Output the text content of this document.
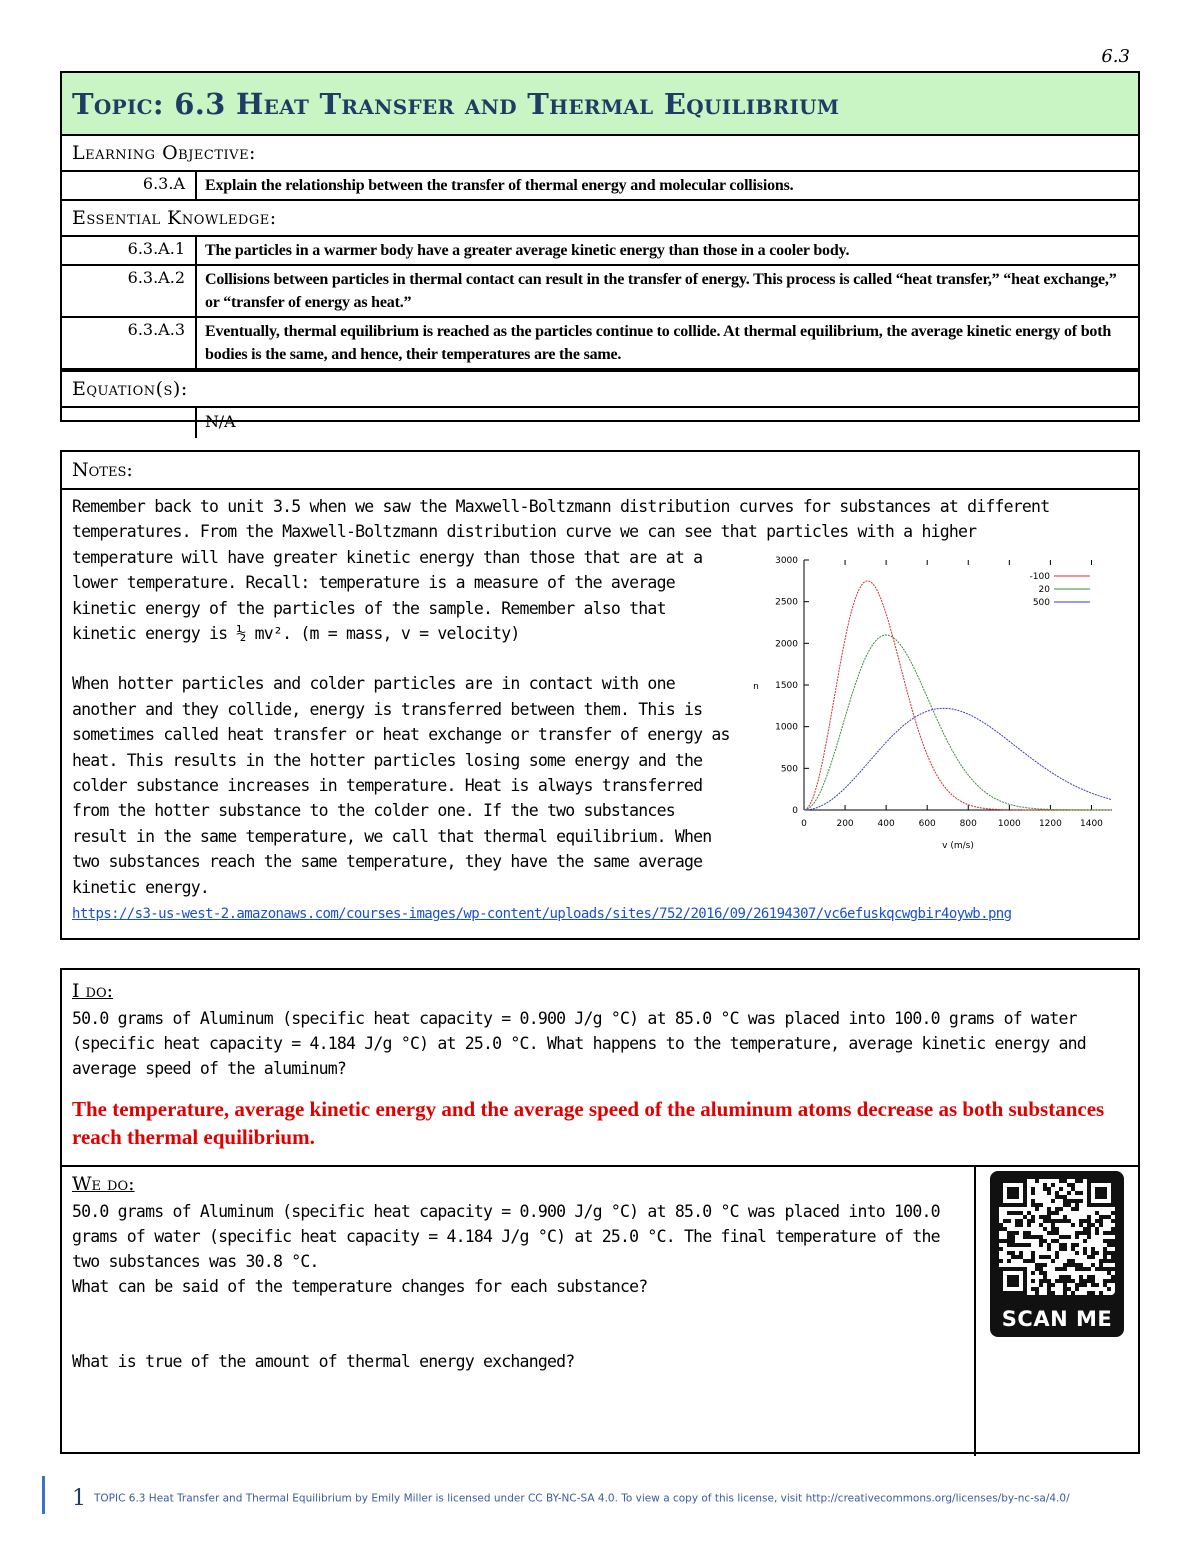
6.3
Topic:
6.3 Heat Transfer and Thermal Equilibrium
Learning Objective:
6.3.A	Explain the relationship between the transfer of thermal energy and molecular collisions.
Essential Knowledge:
6.3.A.1	The particles in a warmer body have a greater average kinetic energy than those in a cooler body.
6.3.A.2	Collisions between particles in thermal contact can result in the transfer of energy. This process is called “heat transfer,” “heat exchange,” or “transfer of energy as heat.”
6.3.A.3	Eventually, thermal equilibrium is reached as the particles continue to collide. At thermal equilibrium, the average kinetic energy of both bodies is the same, and hence, their temperatures are the same.
Equation(s):
N/A
Notes:

Remember back to unit 3.5 when we saw the Maxwell-Boltzmann distribution curves for substances at different temperatures. From the Maxwell-Boltzmann distribution curve we can see that particles with a higher

temperature will have greater kinetic energy than those that are at a lower temperature. Recall: temperature is a measure of the average kinetic energy of the particles of the sample. Remember also that kinetic energy is ½ mv². (m = mass, v = velocity)

When hotter particles and colder particles are in contact with one another and they collide, energy is transferred between them. This is sometimes called heat transfer or heat exchange or transfer of energy as heat. This results in the hotter particles losing some energy and the colder substance increases in temperature. Heat is always transferred from the hotter substance to the colder one. If the two substances result in the same temperature, we call that thermal equilibrium. When two substances reach the same temperature, they have the same average kinetic energy.

https://s3-us-west-2.amazonaws.com/courses-images/wp-content/uploads/sites/752/2016/09/26194307/vc6efuskqcwgbir4oywb.png
0
500
1000
1500
2000
2500
3000
0	200	400	600	800 1000 1200 1400
v (m/s)
n
-100
20
500
I do:
50.0 grams of Aluminum (specific heat capacity = 0.900 J/g °C) at 85.0 °C was placed into 100.0 grams of water (specific heat capacity = 4.184 J/g °C) at 25.0 °C. What happens to the temperature, average kinetic energy and average speed of the aluminum?
The temperature, average kinetic energy and the average speed of the aluminum atoms decrease as both substances reach thermal equilibrium.
We do:
50.0 grams of Aluminum (specific heat capacity = 0.900 J/g °C) at 85.0 °C was placed into 100.0 grams of water (specific heat capacity = 4.184 J/g °C) at 25.0 °C. The final temperature of the two substances was 30.8 °C.
What can be said of the temperature changes for each substance?
What is true of the amount of thermal energy exchanged?
SCAN ME
1 TOPIC 6.3 Heat Transfer and Thermal Equilibrium by Emily Miller is licensed under CC BY-NC-SA 4.0. To view a copy of this license, visit http://creativecommons.org/licenses/by-nc-sa/4.0/
